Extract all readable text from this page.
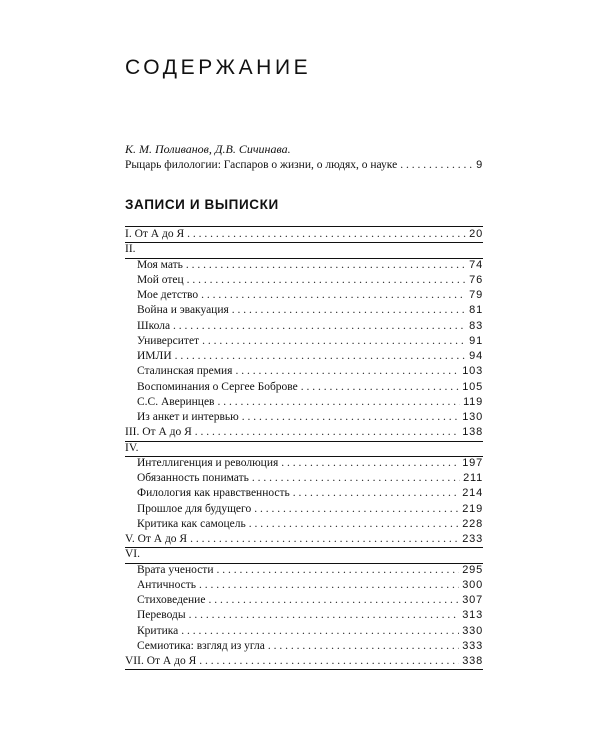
СОДЕРЖАНИЕ
К. М. Поливанов, Д.В. Сичинава.
Рыцарь филологии: Гаспаров о жизни, о людях, о науке . . .	9
ЗАПИСИ И ВЫПИСКИ
I. От А до Я . . .	20
II.
Моя мать . . .	74
Мой отец . . .	76
Мое детство . . .	79
Война и эвакуация . . .	81
Школа . . .	83
Университет . . .	91
ИМЛИ . . .	94
Сталинская премия . . .	103
Воспоминания о Сергее Боброве . . .	105
С.С. Аверинцев . . .	119
Из анкет и интервью . . .	130
III. От А до Я . . .	138
IV.
Интеллигенция и революция . . .	197
Обязанность понимать . . .	211
Филология как нравственность . . .	214
Прошлое для будущего . . .	219
Критика как самоцель . . .	228
V. От А до Я . . .	233
VI.
Врата учености . . .	295
Античность . . .	300
Стиховедение . . .	307
Переводы . . .	313
Критика . . .	330
Семиотика: взгляд из угла . . .	333
VII. От А до Я . . .	338
